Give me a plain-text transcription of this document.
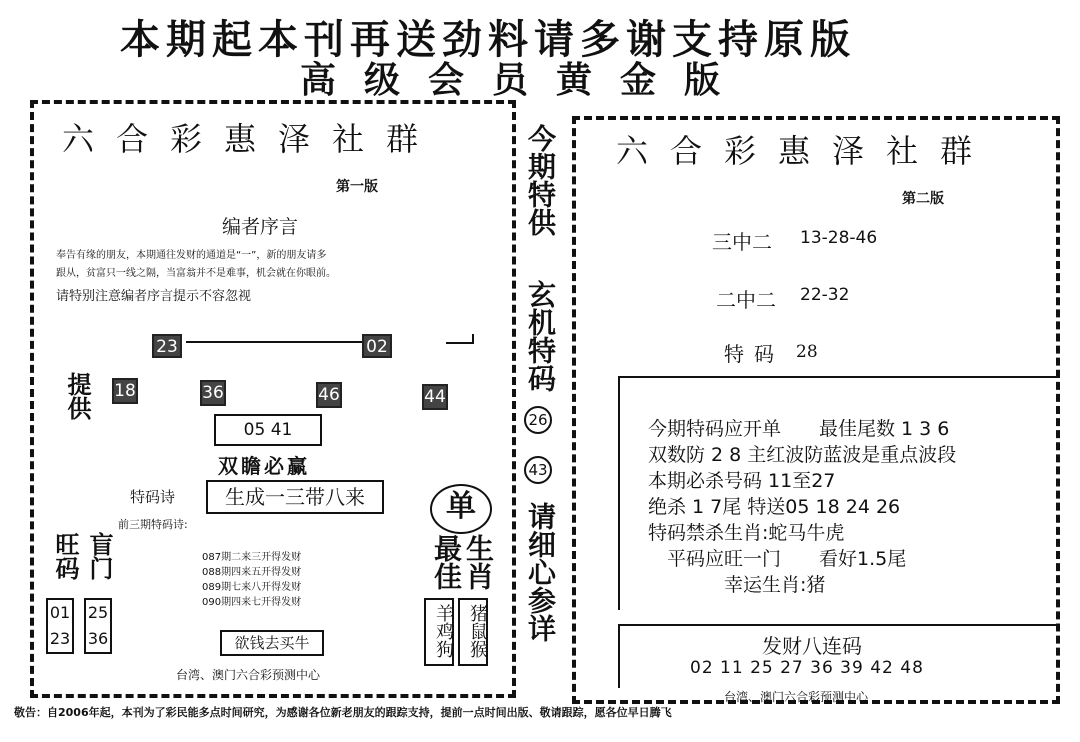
本期起本刊再送劲料请多谢支持原版
高级会员黄金版
六合彩惠泽社群
第一版
编者序言
奉告有缘的朋友，本期通往发财的通道是“一”，新的朋友请多
跟从，贫富只一线之隔，当富翁并不是难事，机会就在你眼前。
请特别注意编者序言提示不容忽视
23	02
提供 18	36	46	44
05 41
双瞻必赢
特码诗	生成一三带八来
前三期特码诗:
087期二来三开得发财
088期四来五开得发财
089期七来八开得发财
090期四来七开得发财
旺码 盲门
01
23
25
36	欲钱去买牛
台湾、澳门六合彩预测中心
单
最佳 生肖
羊鸡狗 猪鼠猴
今期特供
玄机特码
26
43
请细心参详
六合彩惠泽社群
第二版
三中二 13-28-46
二中二 22-32
特码 28
今期特码应开单　　最佳尾数 1 3 6
双数防 2 8 主红波防蓝波是重点波段
本期必杀号码 11至27
绝杀 1 7尾 特送05 18 24 26
特码禁杀生肖:蛇马牛虎
　平码应旺一门　　看好1.5尾
　　　　幸运生肖:猪
发财八连码
02 11 25 27 36 39 42 48
台湾、澳门六合彩预测中心
敬告：自2006年起，本刊为了彩民能多点时间研究，为感谢各位新老朋友的跟踪支持，提前一点时间出版、敬请跟踪，愿各位早日腾飞
